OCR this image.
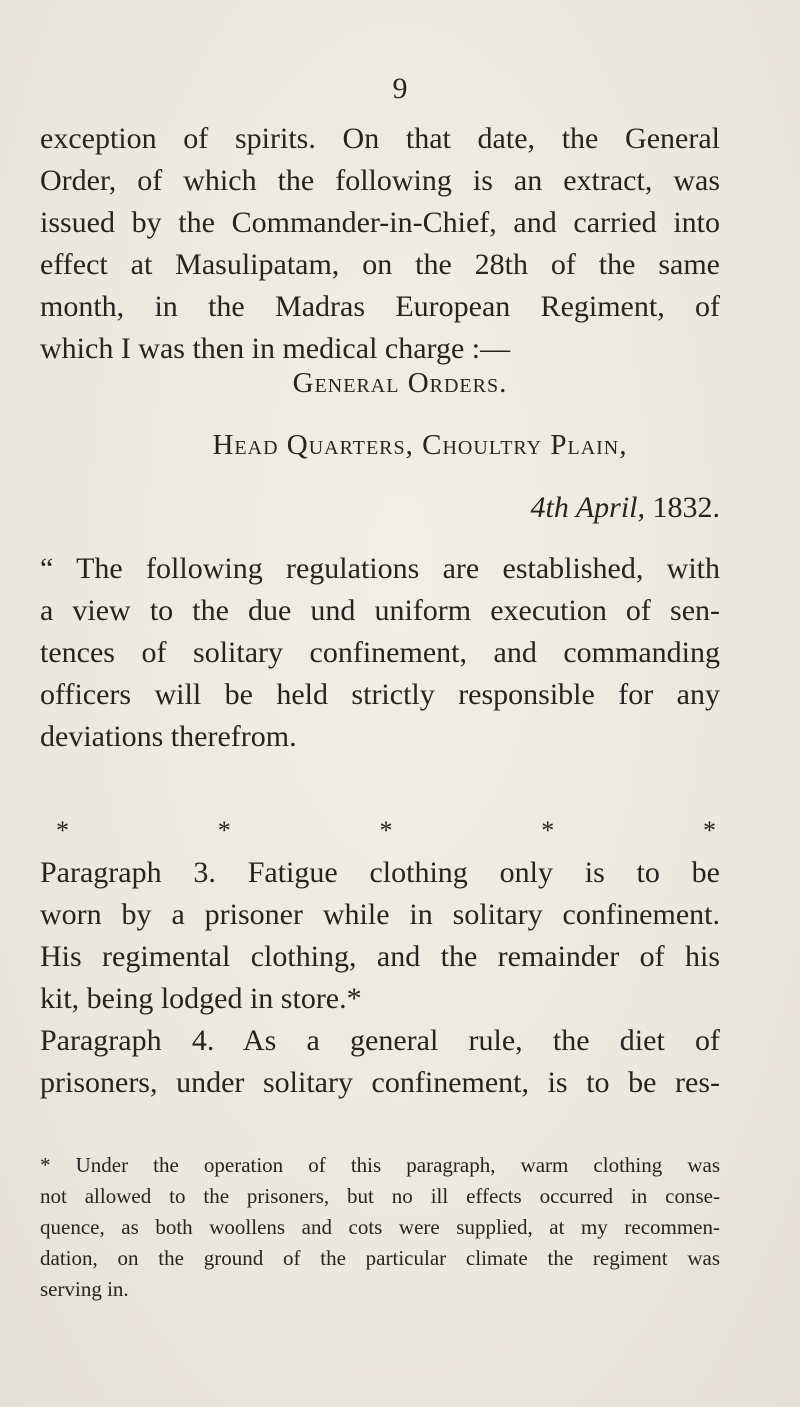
9
exception of spirits. On that date, the General
Order, of which the following is an extract, was
issued by the Commander-in-Chief, and carried into
effect at Masulipatam, on the 28th of the same
month, in the Madras European Regiment, of
which I was then in medical charge :—
General Orders.
Head Quarters, Choultry Plain,
4th April, 1832.
“ The following regulations are established, with
a view to the due und uniform execution of sen-
tences of solitary confinement, and commanding
officers will be held strictly responsible for any
deviations therefrom.
*	*	*	*	*
Paragraph 3. Fatigue clothing only is to be
worn by a prisoner while in solitary confinement.
His regimental clothing, and the remainder of his
kit, being lodged in store.*
Paragraph 4. As a general rule, the diet of
prisoners, under solitary confinement, is to be res-
* Under the operation of this paragraph, warm clothing was
not allowed to the prisoners, but no ill effects occurred in conse-
quence, as both woollens and cots were supplied, at my recommen-
dation, on the ground of the particular climate the regiment was
serving in.
